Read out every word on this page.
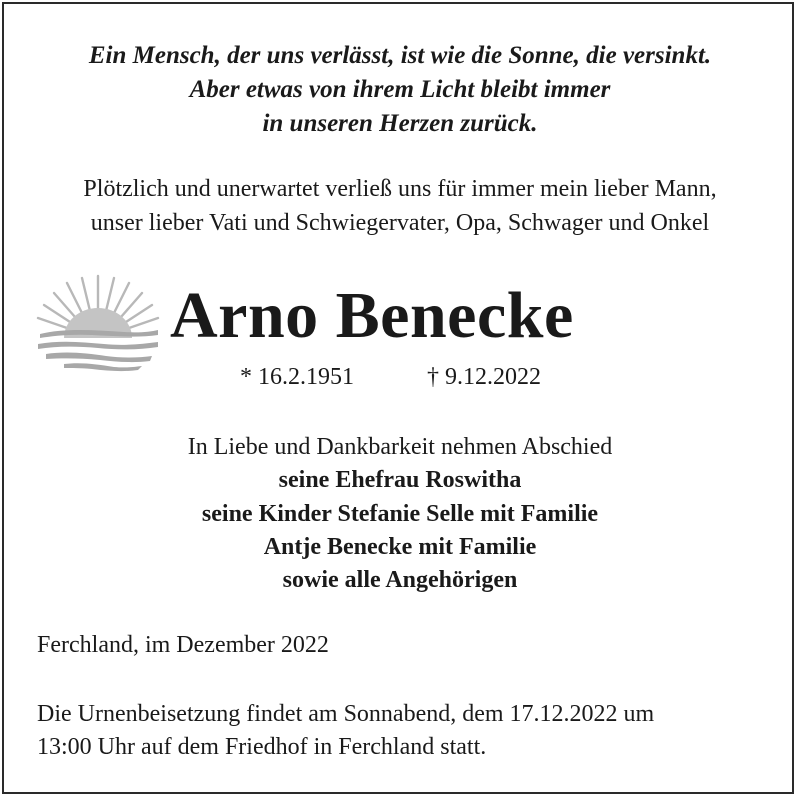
Ein Mensch, der uns verlässt, ist wie die Sonne, die versinkt.
Aber etwas von ihrem Licht bleibt immer
in unseren Herzen zurück.
Plötzlich und unerwartet verließ uns für immer mein lieber Mann,
unser lieber Vati und Schwiegervater, Opa, Schwager und Onkel
Arno Benecke
* 16.2.1951	† 9.12.2022
In Liebe und Dankbarkeit nehmen Abschied
seine Ehefrau Roswitha
seine Kinder Stefanie Selle mit Familie
Antje Benecke mit Familie
sowie alle Angehörigen
Ferchland, im Dezember 2022
Die Urnenbeisetzung findet am Sonnabend, dem 17.12.2022 um
13:00 Uhr auf dem Friedhof in Ferchland statt.
